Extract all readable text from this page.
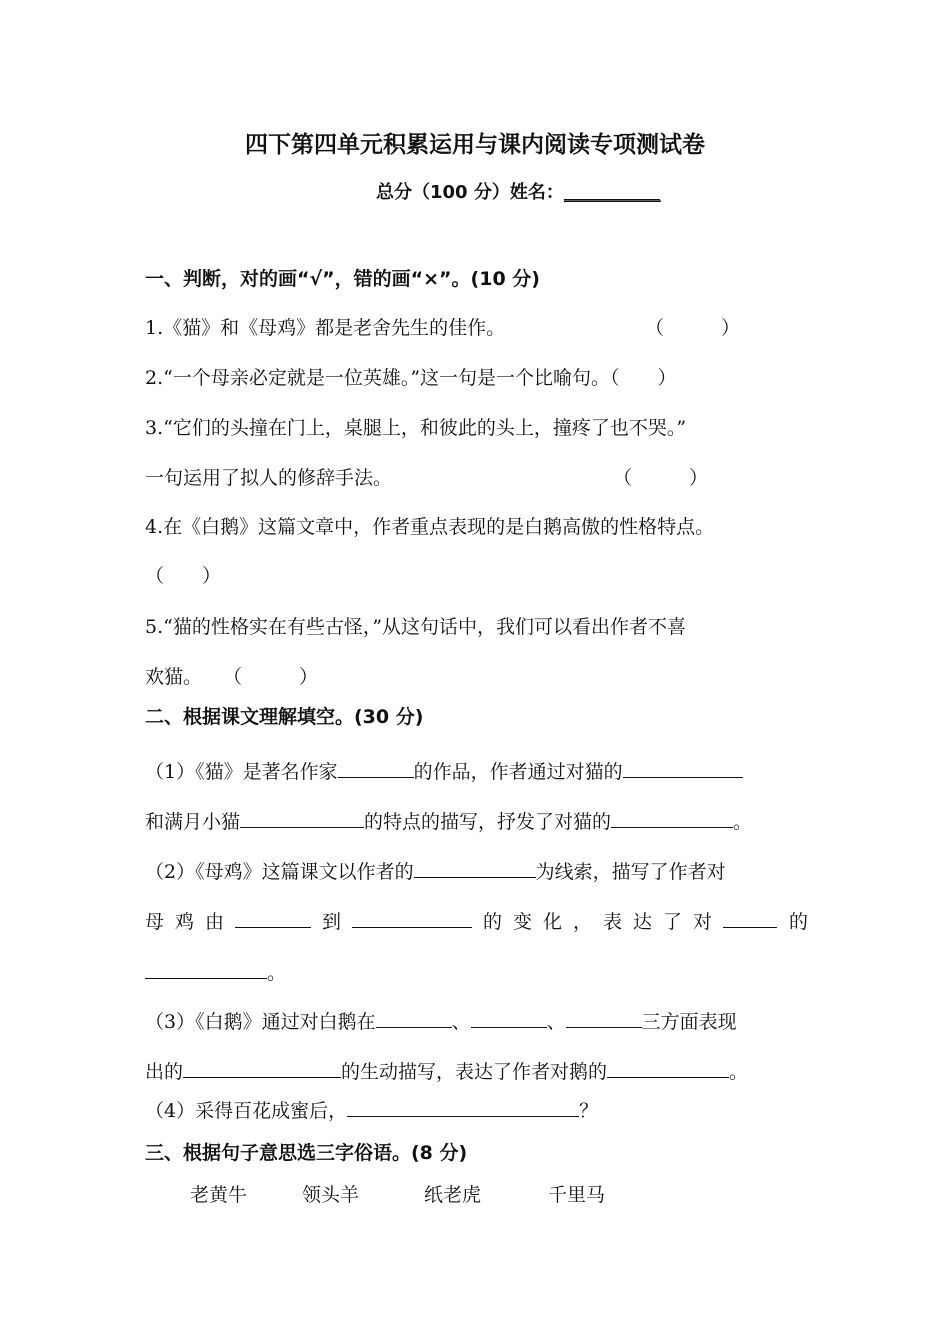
四下第四单元积累运用与课内阅读专项测试卷
总分（100 分）姓名：____________
一、判断，对的画“√”，错的画“×”。(10 分)
1.《猫》和《母鸡》都是老舍先生的佳作。	（　　　）
2.“一个母亲必定就是一位英雄。”这一句是一个比喻句。（　　）
3.“它们的头撞在门上，桌腿上，和彼此的头上，撞疼了也不哭。”
一句运用了拟人的修辞手法。	（　　　）
4.在《白鹅》这篇文章中，作者重点表现的是白鹅高傲的性格特点。
（　　）
5.“猫的性格实在有些古怪，”从这句话中，我们可以看出作者不喜
欢猫。 （　　　）
二、根据课文理解填空。(30 分)
（1）《猫》是著名作家	的作品，作者通过对猫的
和满月小猫	的特点的描写，抒发了对猫的	。
（2）《母鸡》这篇课文以作者的	为线索，描写了作者对
母鸡由	到	的变化，表达了对	的
。
（3）《白鹅》通过对白鹅在	、	、	三方面表现
出的	的生动描写，表达了作者对鹅的	。
（4）采得百花成蜜后，	？
三、根据句子意思选三字俗语。(8 分)
老黄牛	领头羊	纸老虎	千里马
